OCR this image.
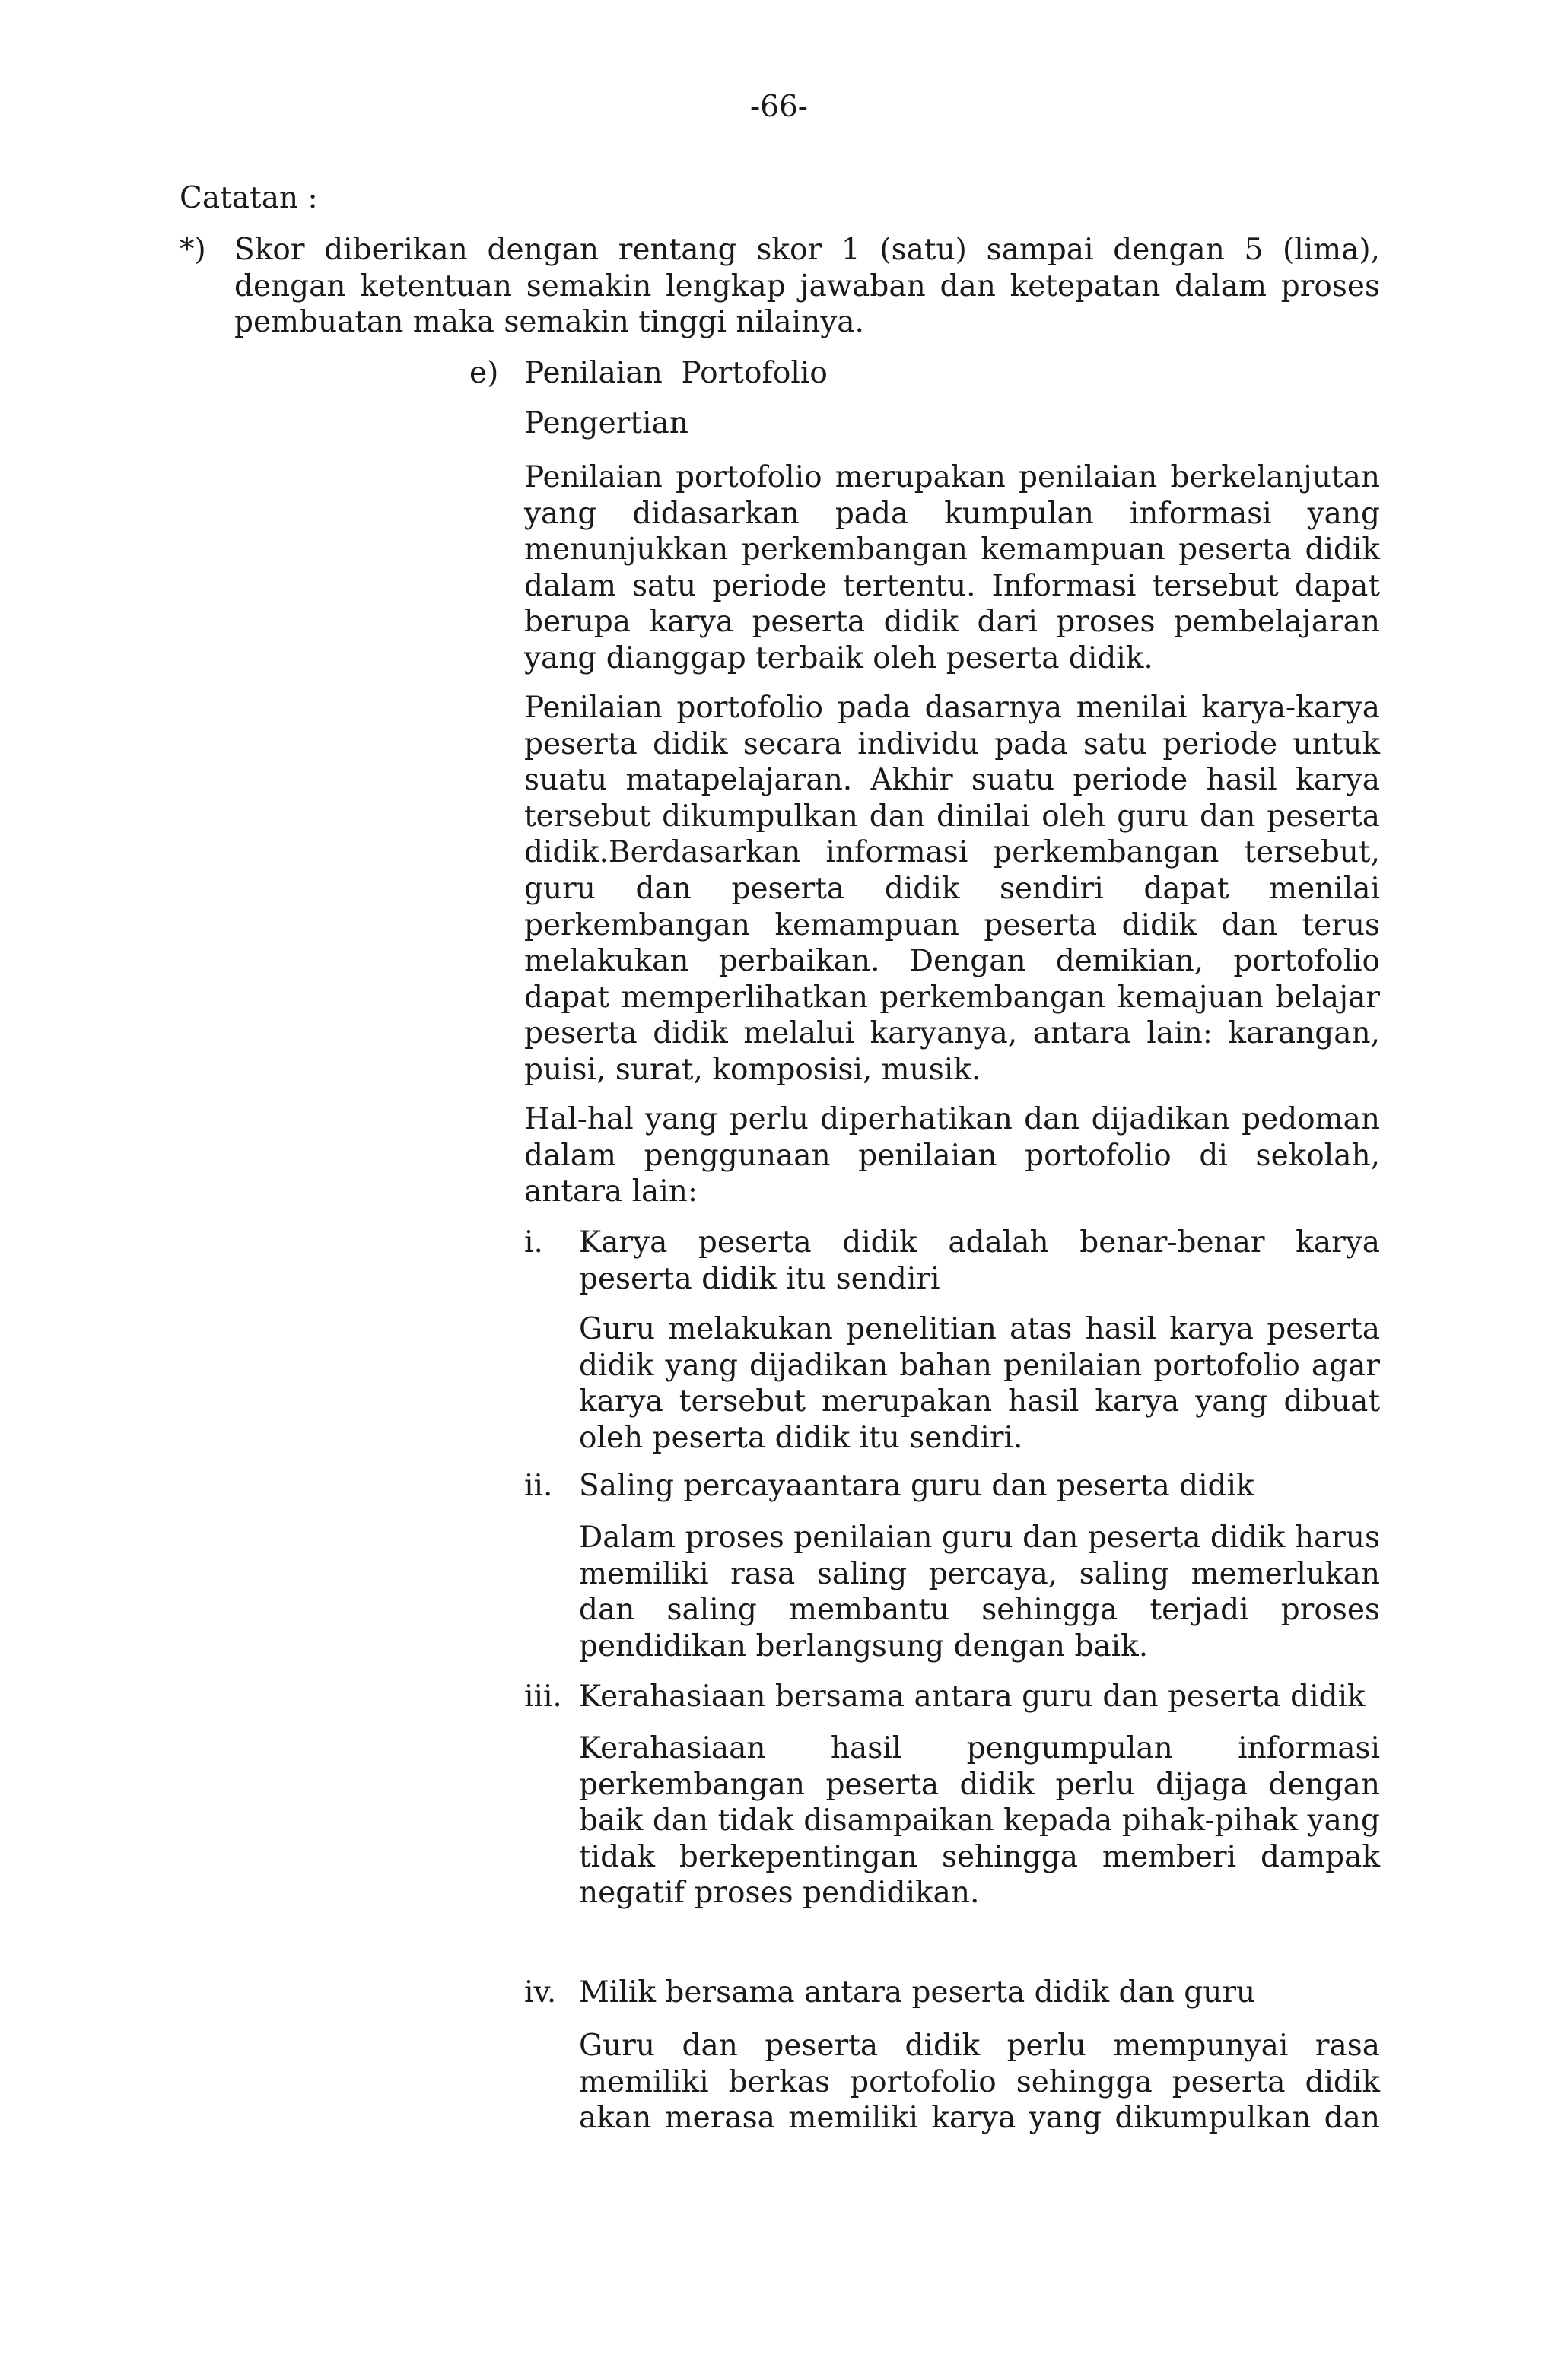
-66-
Catatan :
*) Skor diberikan dengan rentang skor 1 (satu) sampai dengan 5 (lima), dengan ketentuan semakin lengkap jawaban dan ketepatan dalam proses pembuatan maka semakin tinggi nilainya.
e) Penilaian  Portofolio
Pengertian
Penilaian portofolio merupakan penilaian berkelanjutan yang didasarkan pada kumpulan informasi yang menunjukkan perkembangan kemampuan peserta didik dalam satu periode tertentu. Informasi tersebut dapat berupa karya peserta didik dari proses pembelajaran yang dianggap terbaik oleh peserta didik.
Penilaian portofolio pada dasarnya menilai karya-karya peserta didik secara individu pada satu periode untuk suatu matapelajaran. Akhir suatu periode hasil karya tersebut dikumpulkan dan dinilai oleh guru dan peserta didik.Berdasarkan informasi perkembangan tersebut, guru dan peserta didik sendiri dapat menilai perkembangan kemampuan peserta didik dan terus melakukan perbaikan. Dengan demikian, portofolio dapat memperlihatkan perkembangan kemajuan belajar peserta didik melalui karyanya, antara lain: karangan, puisi, surat, komposisi, musik.
Hal-hal yang perlu diperhatikan dan dijadikan pedoman dalam penggunaan penilaian portofolio di sekolah, antara lain:
i. Karya peserta didik adalah benar-benar karya peserta didik itu sendiri
Guru melakukan penelitian atas hasil karya peserta didik yang dijadikan bahan penilaian portofolio agar karya tersebut merupakan hasil karya yang dibuat oleh peserta didik itu sendiri.
ii. Saling percayaantara guru dan peserta didik
Dalam proses penilaian guru dan peserta didik harus memiliki rasa saling percaya, saling memerlukan dan saling membantu sehingga terjadi proses pendidikan berlangsung dengan baik.
iii. Kerahasiaan bersama antara guru dan peserta didik
Kerahasiaan hasil pengumpulan informasi perkembangan peserta didik perlu dijaga dengan baik dan tidak disampaikan kepada pihak-pihak yang tidak berkepentingan sehingga memberi dampak negatif proses pendidikan.
iv. Milik bersama antara peserta didik dan guru
Guru dan peserta didik perlu mempunyai rasa memiliki berkas portofolio sehingga peserta didik akan merasa memiliki karya yang dikumpulkan dan
